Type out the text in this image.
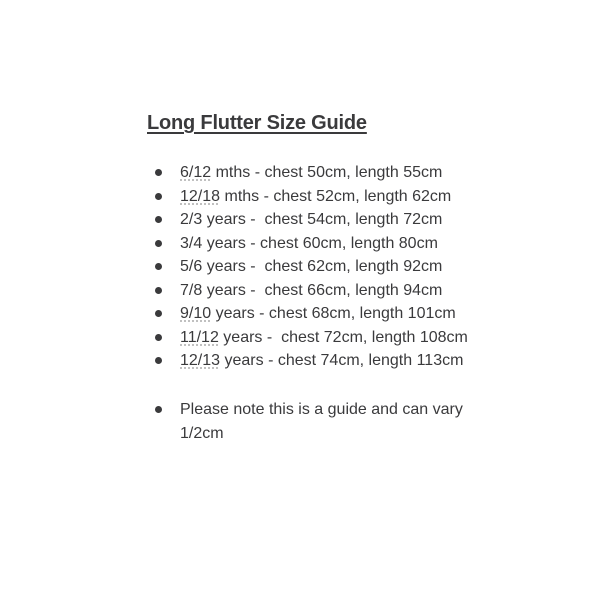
Long Flutter Size Guide
6/12 mths - chest 50cm, length 55cm
12/18 mths - chest 52cm, length 62cm
2/3 years -  chest 54cm, length 72cm
3/4 years - chest 60cm, length 80cm
5/6 years -  chest 62cm, length 92cm
7/8 years -  chest 66cm, length 94cm
9/10 years - chest 68cm, length 101cm
11/12 years -  chest 72cm, length 108cm
12/13 years - chest 74cm, length 113cm
Please note this is a guide and can vary 1/2cm
